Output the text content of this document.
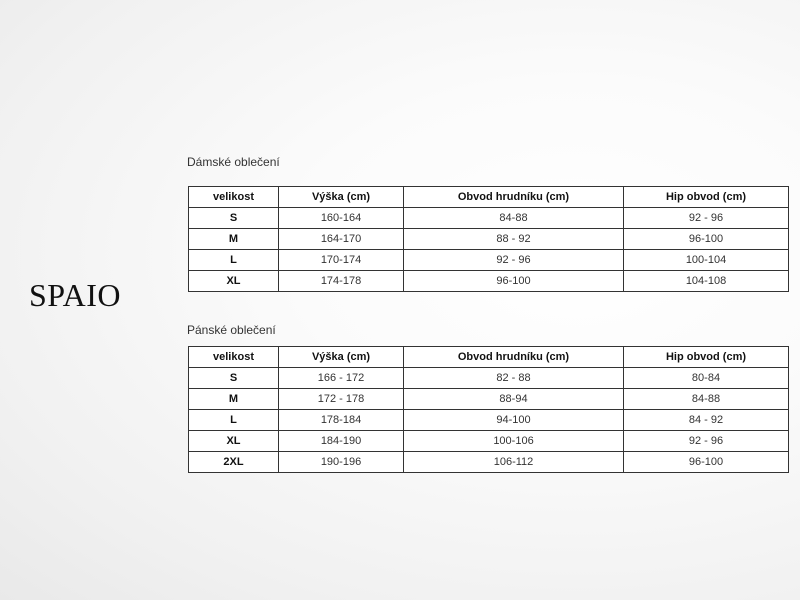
SPAIO
Dámské oblečení
velikost	Výška (cm)	Obvod hrudníku (cm)	Hip obvod (cm)
S	160-164	84-88	92 - 96
M	164-170	88 - 92	96-100
L	170-174	92 - 96	100-104
XL	174-178	96-100	104-108
Pánské oblečení
velikost	Výška (cm)	Obvod hrudníku (cm)	Hip obvod (cm)
S	166 - 172	82 - 88	80-84
M	172 - 178	88-94	84-88
L	178-184	94-100	84 - 92
XL	184-190	100-106	92 - 96
2XL	190-196	106-112	96-100
